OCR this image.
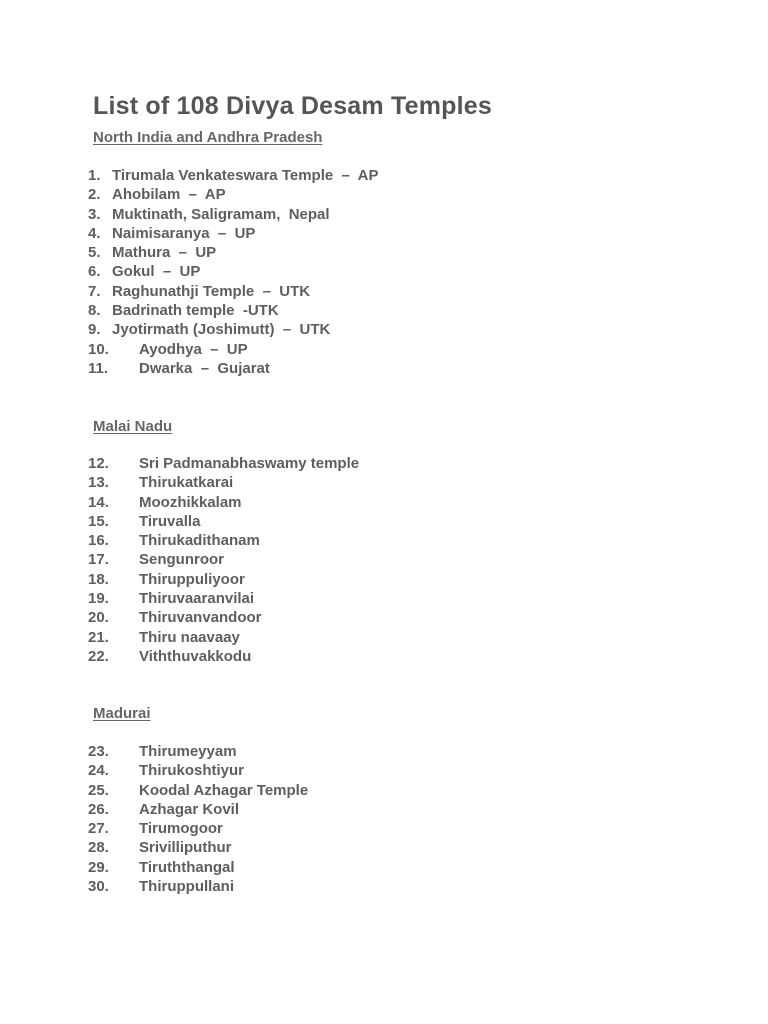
List of 108 Divya Desam Temples
North India and Andhra Pradesh
1. Tirumala Venkateswara Temple  –  AP
2. Ahobilam  –  AP
3. Muktinath, Saligramam,  Nepal
4. Naimisaranya  –  UP
5. Mathura  –  UP
6. Gokul  –  UP
7. Raghunathji Temple  –  UTK
8. Badrinath temple  -UTK
9. Jyotirmath (Joshimutt)  –  UTK
10. Ayodhya  –  UP
11. Dwarka  –  Gujarat
Malai Nadu
12. Sri Padmanabhaswamy temple
13. Thirukatkarai
14. Moozhikkalam
15. Tiruvalla
16. Thirukadithanam
17. Sengunroor
18. Thiruppuliyoor
19. Thiruvaaranvilai
20. Thiruvanvandoor
21. Thiru naavaay
22. Viththuvakkodu
Madurai
23. Thirumeyyam
24. Thirukoshtiyur
25. Koodal Azhagar Temple
26. Azhagar Kovil
27. Tirumogoor
28. Srivilliputhur
29. Tiruththangal
30. Thiruppullani
